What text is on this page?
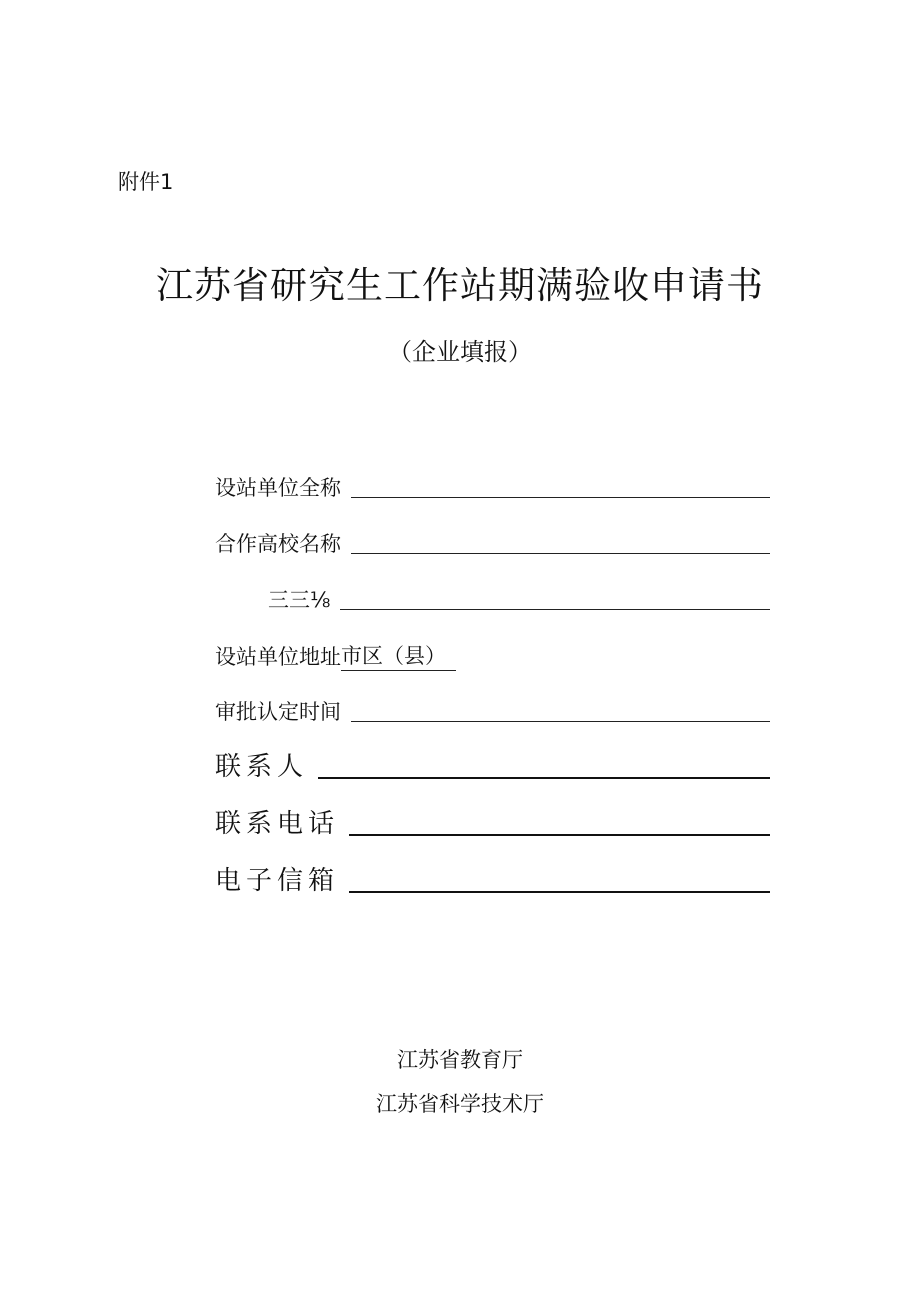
附件1
江苏省研究生工作站期满验收申请书
（企业填报）
设站单位全称
合作高校名称
三三⅛
设站单位地址 市区（县）
审批认定时间
联系人
联系电话
电子信箱
江苏省教育厅
江苏省科学技术厅
